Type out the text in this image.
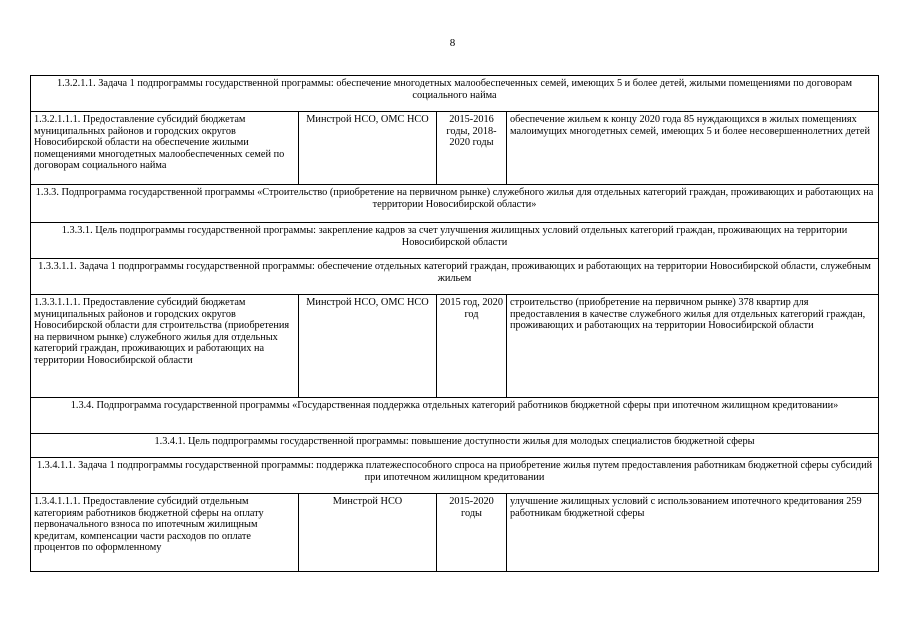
8
1.3.2.1.1. Задача 1 подпрограммы государственной программы: обеспечение многодетных малообеспеченных семей, имеющих 5 и более детей, жилыми помещениями по договорам социального найма			
1.3.2.1.1.1. Предоставление субсидий бюджетам муниципальных районов и городских округов Новосибирской области на обеспечение жилыми помещениями многодетных малообеспеченных семей по договорам социального найма	Минстрой НСО, ОМС НСО	2015-2016 годы, 2018-2020 годы	обеспечение жильем к концу 2020 года 85 нуждающихся в жилых помещениях малоимущих многодетных семей, имеющих 5 и более несовершеннолетних детей
1.3.3. Подпрограмма государственной программы «Строительство (приобретение на первичном рынке) служебного жилья для отдельных категорий граждан, проживающих и работающих на территории Новосибирской области»			
1.3.3.1. Цель подпрограммы государственной программы: закрепление кадров за счет улучшения жилищных условий отдельных категорий граждан, проживающих на территории Новосибирской области			
1.3.3.1.1. Задача 1 подпрограммы государственной программы: обеспечение отдельных категорий граждан, проживающих и работающих на территории Новосибирской области, служебным жильем			
1.3.3.1.1.1. Предоставление субсидий бюджетам муниципальных районов и городских округов Новосибирской области для строительства (приобретения на первичном рынке) служебного жилья для отдельных категорий граждан, проживающих и работающих на территории Новосибирской области	Минстрой НСО, ОМС НСО	2015 год, 2020 год	строительство (приобретение на первичном рынке) 378 квартир для предоставления в качестве служебного жилья для отдельных категорий граждан, проживающих и работающих на территории Новосибирской области
1.3.4. Подпрограмма государственной программы «Государственная поддержка отдельных категорий работников бюджетной сферы при ипотечном жилищном кредитовании»			
1.3.4.1. Цель подпрограммы государственной программы: повышение доступности жилья для молодых специалистов бюджетной сферы			
1.3.4.1.1. Задача 1 подпрограммы государственной программы: поддержка платежеспособного спроса на приобретение жилья путем предоставления работникам бюджетной сферы субсидий при ипотечном жилищном кредитовании			
1.3.4.1.1.1. Предоставление субсидий отдельным категориям работников бюджетной сферы на оплату первоначального взноса по ипотечным жилищным кредитам, компенсации части расходов по оплате процентов по оформленному	Минстрой НСО	2015-2020 годы	улучшение жилищных условий с использованием ипотечного кредитования 259 работникам бюджетной сферы
